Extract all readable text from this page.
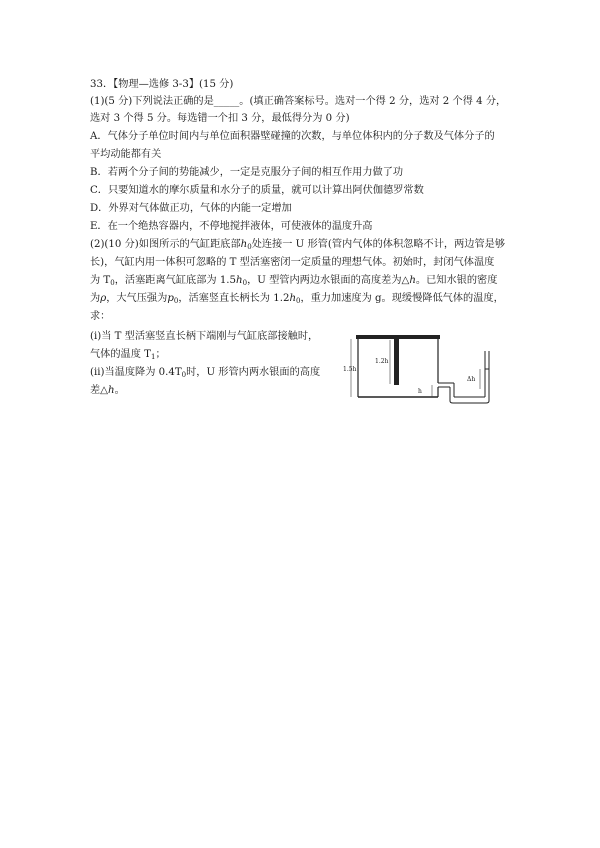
33．【物理—选修 3-3】(15 分)
(1)(5 分)下列说法正确的是_____。(填正确答案标号。选对一个得 2 分，选对 2 个得 4 分，
选对 3 个得 5 分。每选错一个扣 3 分，最低得分为 0 分)
A．气体分子单位时间内与单位面积器壁碰撞的次数，与单位体积内的分子数及气体分子的
平均动能都有关
B．若两个分子间的势能减少，一定是克服分子间的相互作用力做了功
C．只要知道水的摩尔质量和水分子的质量，就可以计算出阿伏伽德罗常数
D．外界对气体做正功，气体的内能一定增加
E．在一个绝热容器内，不停地搅拌液体，可使液体的温度升高
(2)(10 分)如图所示的气缸距底部$h_0$处连接一 U 形管(管内气体的体积忽略不计，两边管是够
长)，气缸内用一体积可忽略的 T 型活塞密闭一定质量的理想气体。初始时，封闭气体温度
为 $T_0$，活塞距离气缸底部为 $1.5h_0$，U 型管内两边水银面的高度差为△h。已知水银的密度
为ρ，大气压强为$p_0$，活塞竖直长柄长为 $1.2h_0$，重力加速度为 g。现缓慢降低气体的温度，
求：
(i)当 T 型活塞竖直长柄下端刚与气缸底部接触时，
气体的温度 $T_1$；
(ii)当温度降为 $0.4T_0$时，U 形管内两水银面的高度
差△h。
1.5h
1.2h
h
Δh
